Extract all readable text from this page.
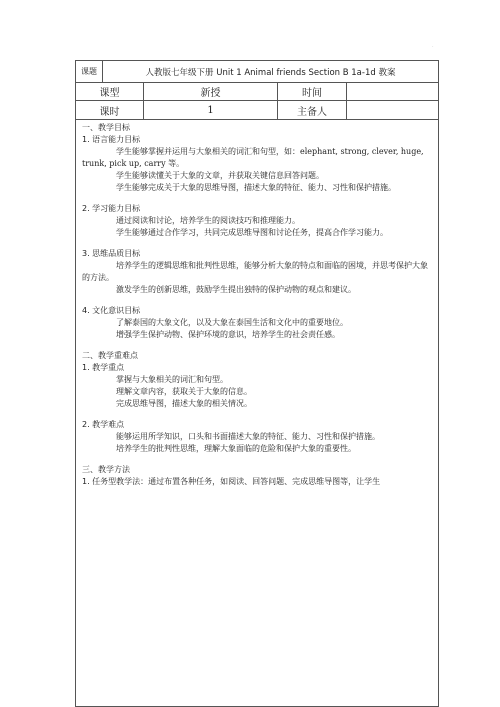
·
课题	人教版七年级下册 Unit 1 Animal friends Section B 1a-1d 教案
课型	新授	时间
课时	1	主备人

一、教学目标

1. 语言能力目标

学生能够掌握并运用与大象相关的词汇和句型，如：elephant, strong, clever, huge, trunk, pick up, carry 等。

学生能够读懂关于大象的文章，并获取关键信息回答问题。

学生能够完成关于大象的思维导图，描述大象的特征、能力、习性和保护措施。

2. 学习能力目标

通过阅读和讨论，培养学生的阅读技巧和推理能力。

学生能够通过合作学习，共同完成思维导图和讨论任务，提高合作学习能力。

3. 思维品质目标

培养学生的逻辑思维和批判性思维，能够分析大象的特点和面临的困境，并思考保护大象的方法。

激发学生的创新思维，鼓励学生提出独特的保护动物的观点和建议。

4. 文化意识目标

了解泰国的大象文化，以及大象在泰国生活和文化中的重要地位。

增强学生保护动物、保护环境的意识，培养学生的社会责任感。

二、教学重难点

1. 教学重点

掌握与大象相关的词汇和句型。

理解文章内容，获取关于大象的信息。

完成思维导图，描述大象的相关情况。

2. 教学难点

能够运用所学知识，口头和书面描述大象的特征、能力、习性和保护措施。

培养学生的批判性思维，理解大象面临的危险和保护大象的重要性。

三、教学方法

1. 任务型教学法：通过布置各种任务，如阅读、回答问题、完成思维导图等，让学生
